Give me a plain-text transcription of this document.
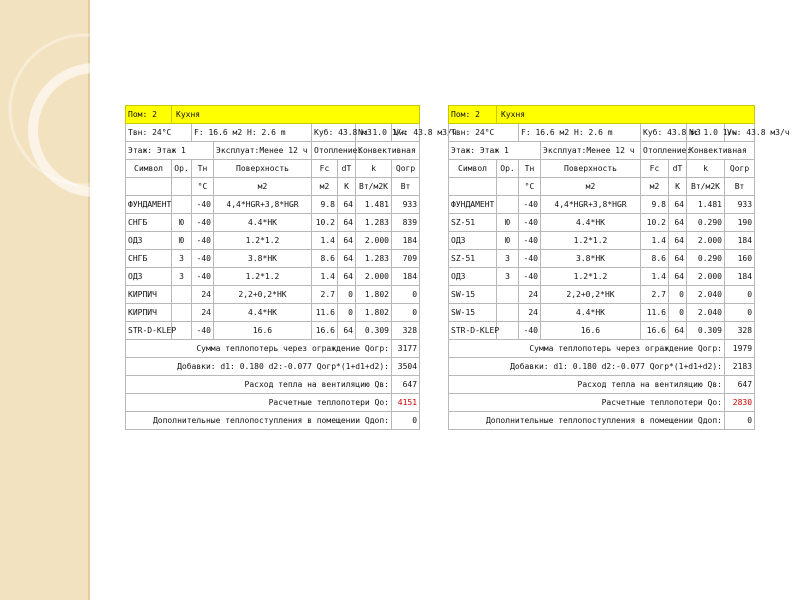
Пом: 2	Кухня						
Твн: 24°С		F: 16.6 м2 H: 2.6 m		Куб: 43.8 м3		N: 1.0 1/ч	Vw: 43.8 м3/ч
Этаж: Этаж 1			Эксплуат:Менее 12 ч	Отопление:		Конвективная	
Символ	Ор.	Тн	Поверхность	Fc	dT	k	Qогр
		°С	м2	м2	К	Вт/м2К	Вт
ФУНДАМЕНТ		-40	4,4*HGR+3,8*HGR	9.8	64	1.481	933
СНГБ	Ю	-40	4.4*НК	10.2	64	1.283	839
ОДЗ	Ю	-40	1.2*1.2	1.4	64	2.000	184
СНГБ	З	-40	3.8*НК	8.6	64	1.283	709
ОДЗ	З	-40	1.2*1.2	1.4	64	2.000	184
КИРПИЧ		24	2,2+0,2*НК	2.7	0	1.802	0
КИРПИЧ		24	4.4*НК	11.6	0	1.802	0
STR-D-KLEP		-40	16.6	16.6	64	0.309	328
Сумма теплопотерь через ограждение Qогр:							3177
Добавки: d1: 0.180 d2:-0.077 Qогр*(1+d1+d2):							3504
Расход тепла на вентиляцию Qв:							647
Расчетные теплопотери Qo:							4151
Дополнительные теплопоступления в помещении Qдоп:							0
Пом: 2	Кухня						
Твн: 24°С		F: 16.6 м2 H: 2.6 m		Куб: 43.8 м3		N: 1.0 1/ч	Vw: 43.8 м3/ч
Этаж: Этаж 1			Эксплуат:Менее 12 ч	Отопление:		Конвективная	
Символ	Ор.	Тн	Поверхность	Fc	dT	k	Qогр
		°С	м2	м2	К	Вт/м2К	Вт
ФУНДАМЕНТ		-40	4,4*HGR+3,8*HGR	9.8	64	1.481	933
SZ-51	Ю	-40	4.4*НК	10.2	64	0.290	190
ОДЗ	Ю	-40	1.2*1.2	1.4	64	2.000	184
SZ-51	З	-40	3.8*НК	8.6	64	0.290	160
ОДЗ	З	-40	1.2*1.2	1.4	64	2.000	184
SW-15		24	2,2+0,2*НК	2.7	0	2.040	0
SW-15		24	4.4*НК	11.6	0	2.040	0
STR-D-KLEP		-40	16.6	16.6	64	0.309	328
Сумма теплопотерь через ограждение Qогр:							1979
Добавки: d1: 0.180 d2:-0.077 Qогр*(1+d1+d2):							2183
Расход тепла на вентиляцию Qв:							647
Расчетные теплопотери Qo:							2830
Дополнительные теплопоступления в помещении Qдоп:							0
